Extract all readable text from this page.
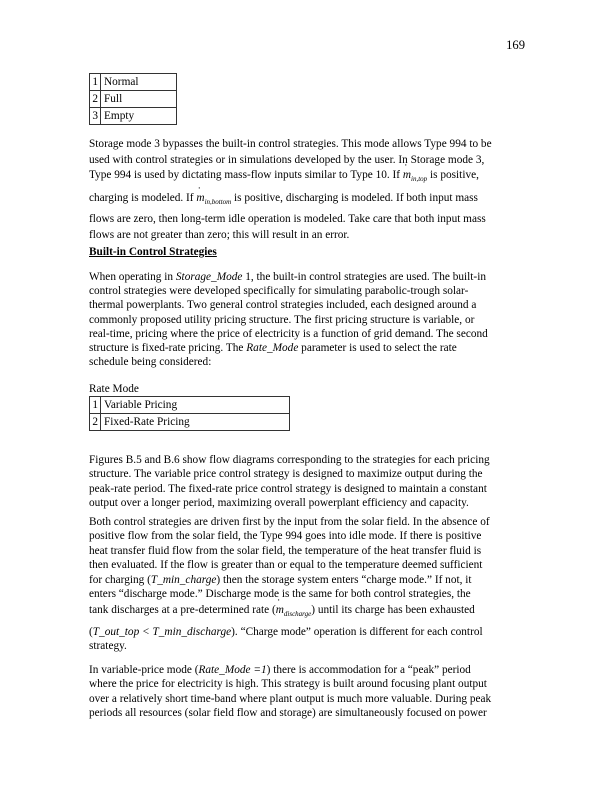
169
1	Normal
2	Full
3	Empty
Storage mode 3 bypasses the built-in control strategies. This mode allows Type 994 to be
used with control strategies or in simulations developed by the user. In Storage mode 3,
Type 994 is used by dictating mass-flow inputs similar to Type 10. If ˙ $m_{in,top}$ is positive,
charging is modeled. If ˙ $m_{in,bottom}$ is positive, discharging is modeled. If both input mass
flows are zero, then long-term idle operation is modeled. Take care that both input mass
flows are not greater than zero; this will result in an error.
Built-in Control Strategies
When operating in Storage_Mode 1, the built-in control strategies are used. The built-in
control strategies were developed specifically for simulating parabolic-trough solar-
thermal powerplants. Two general control strategies included, each designed around a
commonly proposed utility pricing structure. The first pricing structure is variable, or
real-time, pricing where the price of electricity is a function of grid demand. The second
structure is fixed-rate pricing. The Rate_Mode parameter is used to select the rate
schedule being considered:
Rate Mode
1	Variable Pricing
2	Fixed-Rate Pricing
Figures B.5 and B.6 show flow diagrams corresponding to the strategies for each pricing
structure. The variable price control strategy is designed to maximize output during the
peak-rate period. The fixed-rate price control strategy is designed to maintain a constant
output over a longer period, maximizing overall powerplant efficiency and capacity.
Both control strategies are driven first by the input from the solar field. In the absence of
positive flow from the solar field, the Type 994 goes into idle mode. If there is positive
heat transfer fluid flow from the solar field, the temperature of the heat transfer fluid is
then evaluated. If the flow is greater than or equal to the temperature deemed sufficient
for charging (T_min_charge) then the storage system enters “charge mode.” If not, it
enters “discharge mode.” Discharge mode is the same for both control strategies, the
tank discharges at a pre-determined rate (˙ $m_{discharge}$) until its charge has been exhausted
(T_out_top < T_min_discharge). “Charge mode” operation is different for each control
strategy.
In variable-price mode (Rate_Mode =1) there is accommodation for a “peak” period
where the price for electricity is high. This strategy is built around focusing plant output
over a relatively short time-band where plant output is much more valuable. During peak
periods all resources (solar field flow and storage) are simultaneously focused on power
